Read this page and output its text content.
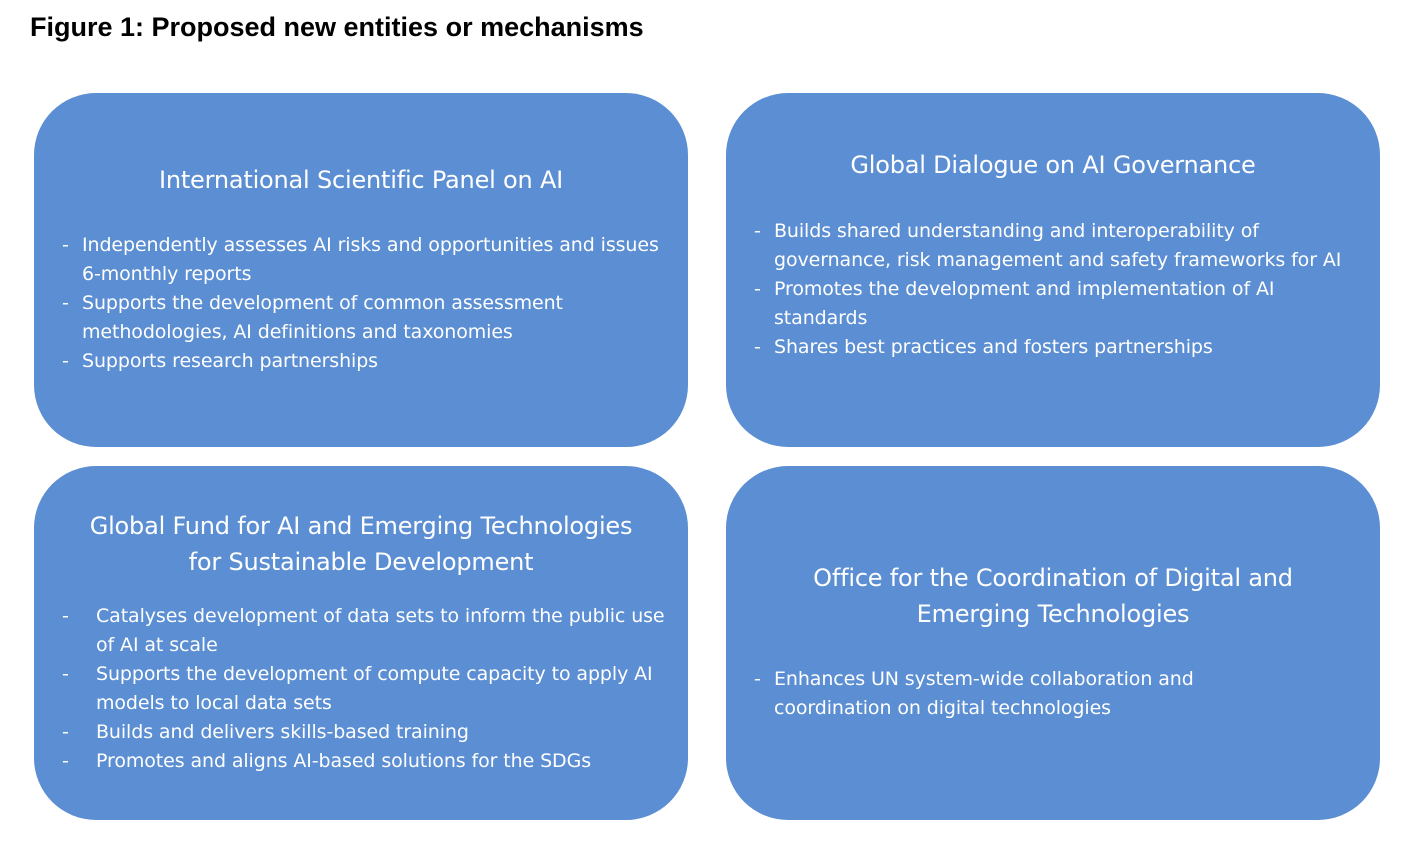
Figure 1: Proposed new entities or mechanisms
International Scientific Panel on AI
- Independently assesses AI risks and opportunities and issues 6-monthly reports
- Supports the development of common assessment methodologies, AI definitions and taxonomies
- Supports research partnerships
Global Dialogue on AI Governance
- Builds shared understanding and interoperability of governance, risk management and safety frameworks for AI
- Promotes the development and implementation of AI standards
- Shares best practices and fosters partnerships
Global Fund for AI and Emerging Technologies
for Sustainable Development
- Catalyses development of data sets to inform the public use of AI at scale
- Supports the development of compute capacity to apply AI models to local data sets
- Builds and delivers skills-based training
- Promotes and aligns AI-based solutions for the SDGs
Office for the Coordination of Digital and
Emerging Technologies
- Enhances UN system-wide collaboration and coordination on digital technologies
